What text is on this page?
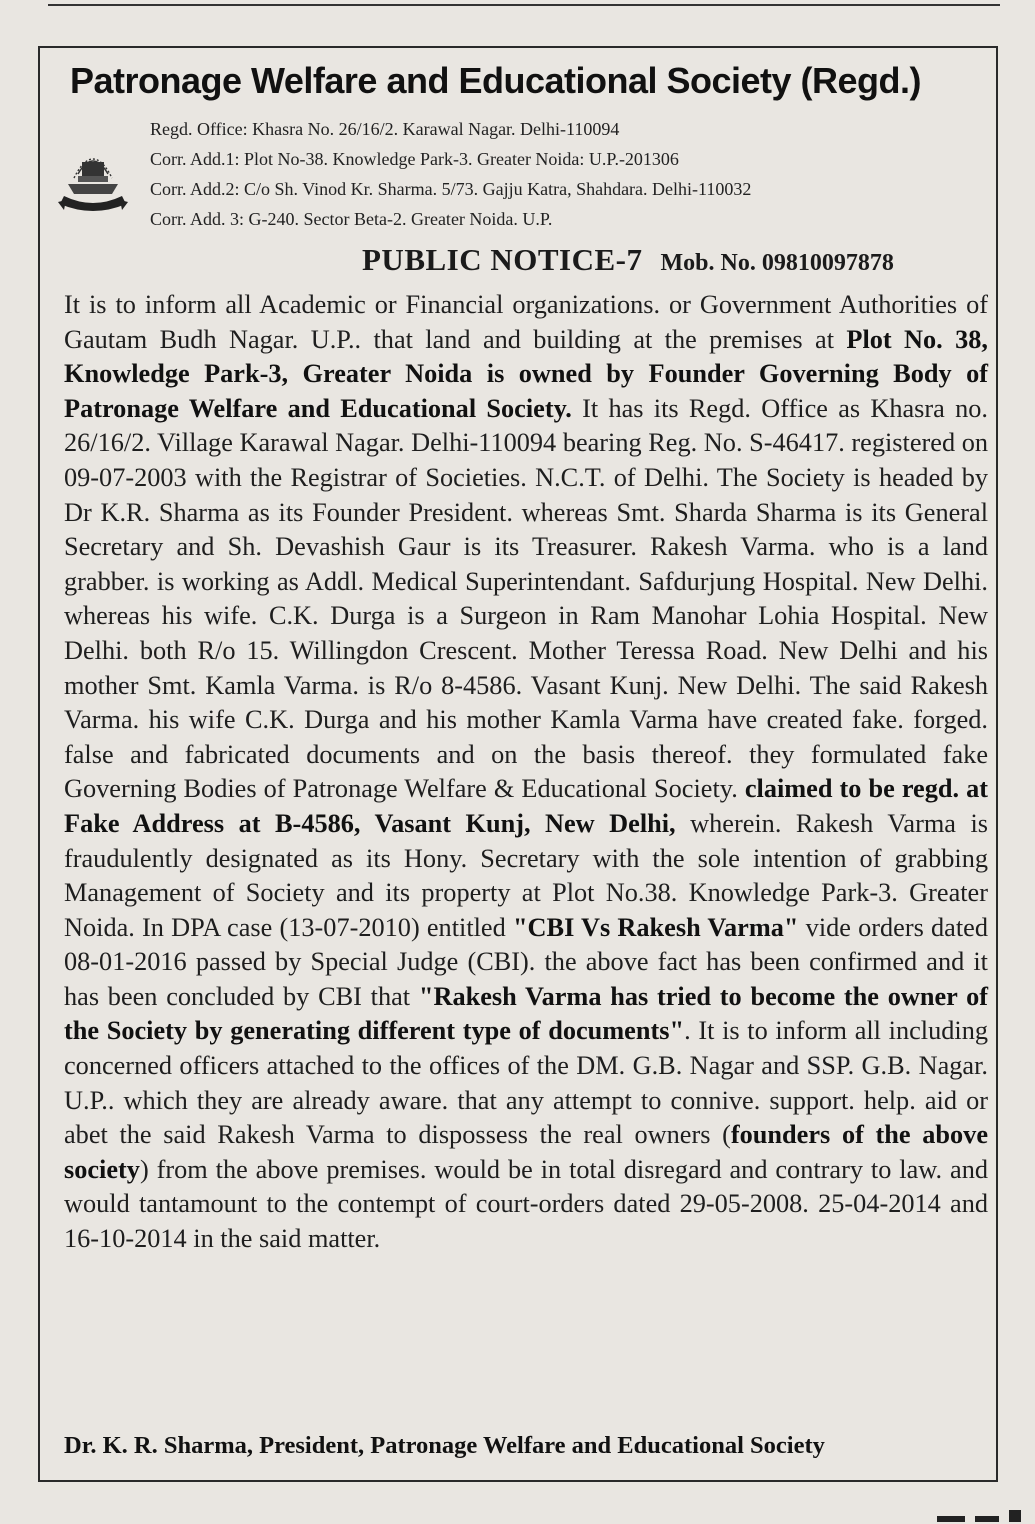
Patronage Welfare and Educational Society (Regd.)
Regd. Office: Khasra No. 26/16/2. Karawal Nagar. Delhi-110094
Corr. Add.1: Plot No-38. Knowledge Park-3. Greater Noida: U.P.-201306
Corr. Add.2: C/o Sh. Vinod Kr. Sharma. 5/73. Gajju Katra, Shahdara. Delhi-110032
Corr. Add. 3: G-240. Sector Beta-2. Greater Noida. U.P.
PUBLIC NOTICE-7 Mob. No. 09810097878
It is to inform all Academic or Financial organizations. or Government Authorities of Gautam Budh Nagar. U.P.. that land and building at the premises at Plot No. 38, Knowledge Park-3, Greater Noida is owned by Founder Governing Body of Patronage Welfare and Educational Society. It has its Regd. Office as Khasra no. 26/16/2. Village Karawal Nagar. Delhi-110094 bearing Reg. No. S-46417. registered on 09-07-2003 with the Registrar of Societies. N.C.T. of Delhi. The Society is headed by Dr K.R. Sharma as its Founder President. whereas Smt. Sharda Sharma is its General Secretary and Sh. Devashish Gaur is its Treasurer. Rakesh Varma. who is a land grabber. is working as Addl. Medical Superintendant. Safdurjung Hospital. New Delhi. whereas his wife. C.K. Durga is a Surgeon in Ram Manohar Lohia Hospital. New Delhi. both R/o 15. Willingdon Crescent. Mother Teressa Road. New Delhi and his mother Smt. Kamla Varma. is R/o 8-4586. Vasant Kunj. New Delhi. The said Rakesh Varma. his wife C.K. Durga and his mother Kamla Varma have created fake. forged. false and fabricated documents and on the basis thereof. they formulated fake Governing Bodies of Patronage Welfare & Educational Society. claimed to be regd. at Fake Address at B-4586, Vasant Kunj, New Delhi, wherein. Rakesh Varma is fraudulently designated as its Hony. Secretary with the sole intention of grabbing Management of Society and its property at Plot No.38. Knowledge Park-3. Greater Noida. In DPA case (13-07-2010) entitled "CBI Vs Rakesh Varma" vide orders dated 08-01-2016 passed by Special Judge (CBI). the above fact has been confirmed and it has been concluded by CBI that "Rakesh Varma has tried to become the owner of the Society by generating different type of documents". It is to inform all including concerned officers attached to the offices of the DM. G.B. Nagar and SSP. G.B. Nagar. U.P.. which they are already aware. that any attempt to connive. support. help. aid or abet the said Rakesh Varma to dispossess the real owners (founders of the above society) from the above premises. would be in total disregard and contrary to law. and would tantamount to the contempt of court-orders dated 29-05-2008. 25-04-2014 and 16-10-2014 in the said matter.
Dr. K. R. Sharma, President, Patronage Welfare and Educational Society
